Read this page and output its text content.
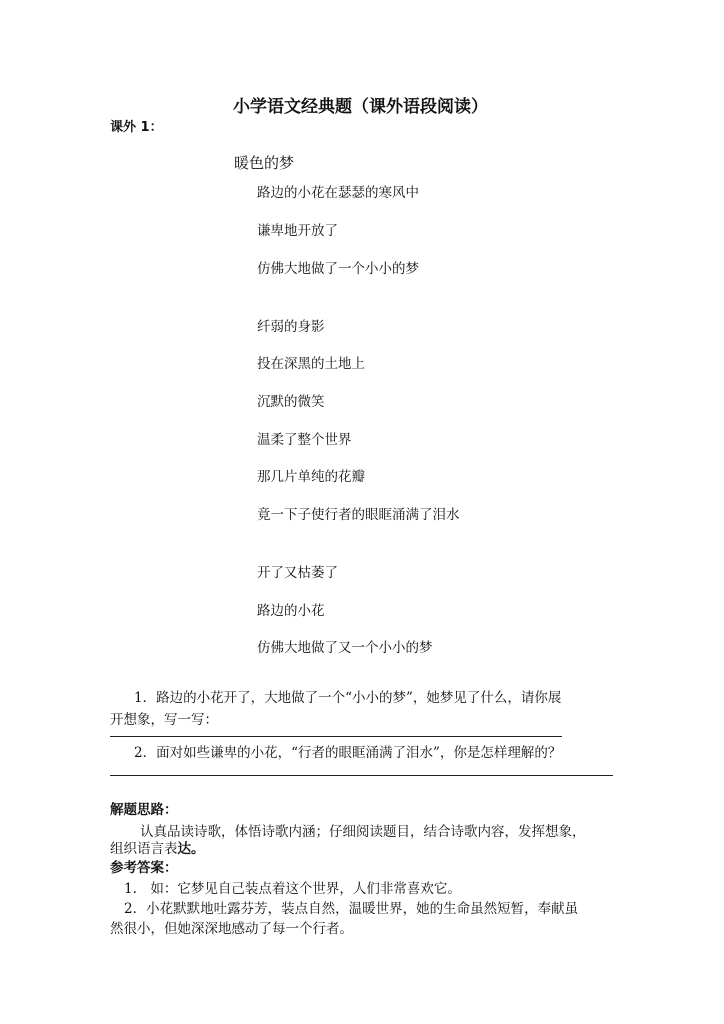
小学语文经典题（课外语段阅读）
课外 1：
暖色的梦
路边的小花在瑟瑟的寒风中
谦卑地开放了
仿佛大地做了一个小小的梦
纤弱的身影
投在深黑的土地上
沉默的微笑
温柔了整个世界
那几片单纯的花瓣
竟一下子使行者的眼眶涌满了泪水
开了又枯萎了
路边的小花
仿佛大地做了又一个小小的梦
1．路边的小花开了，大地做了一个“小小的梦”，她梦见了什么，请你展
开想象，写一写：
2．面对如些谦卑的小花，“行者的眼眶涌满了泪水”，你是怎样理解的？
解题思路：
认真品读诗歌，体悟诗歌内涵；仔细阅读题目，结合诗歌内容，发挥想象，
组织语言表达。
参考答案：
1.　如：它梦见自己装点着这个世界，人们非常喜欢它。
2．小花默默地吐露芬芳，装点自然，温暖世界，她的生命虽然短暂，奉献虽
然很小，但她深深地感动了每一个行者。
